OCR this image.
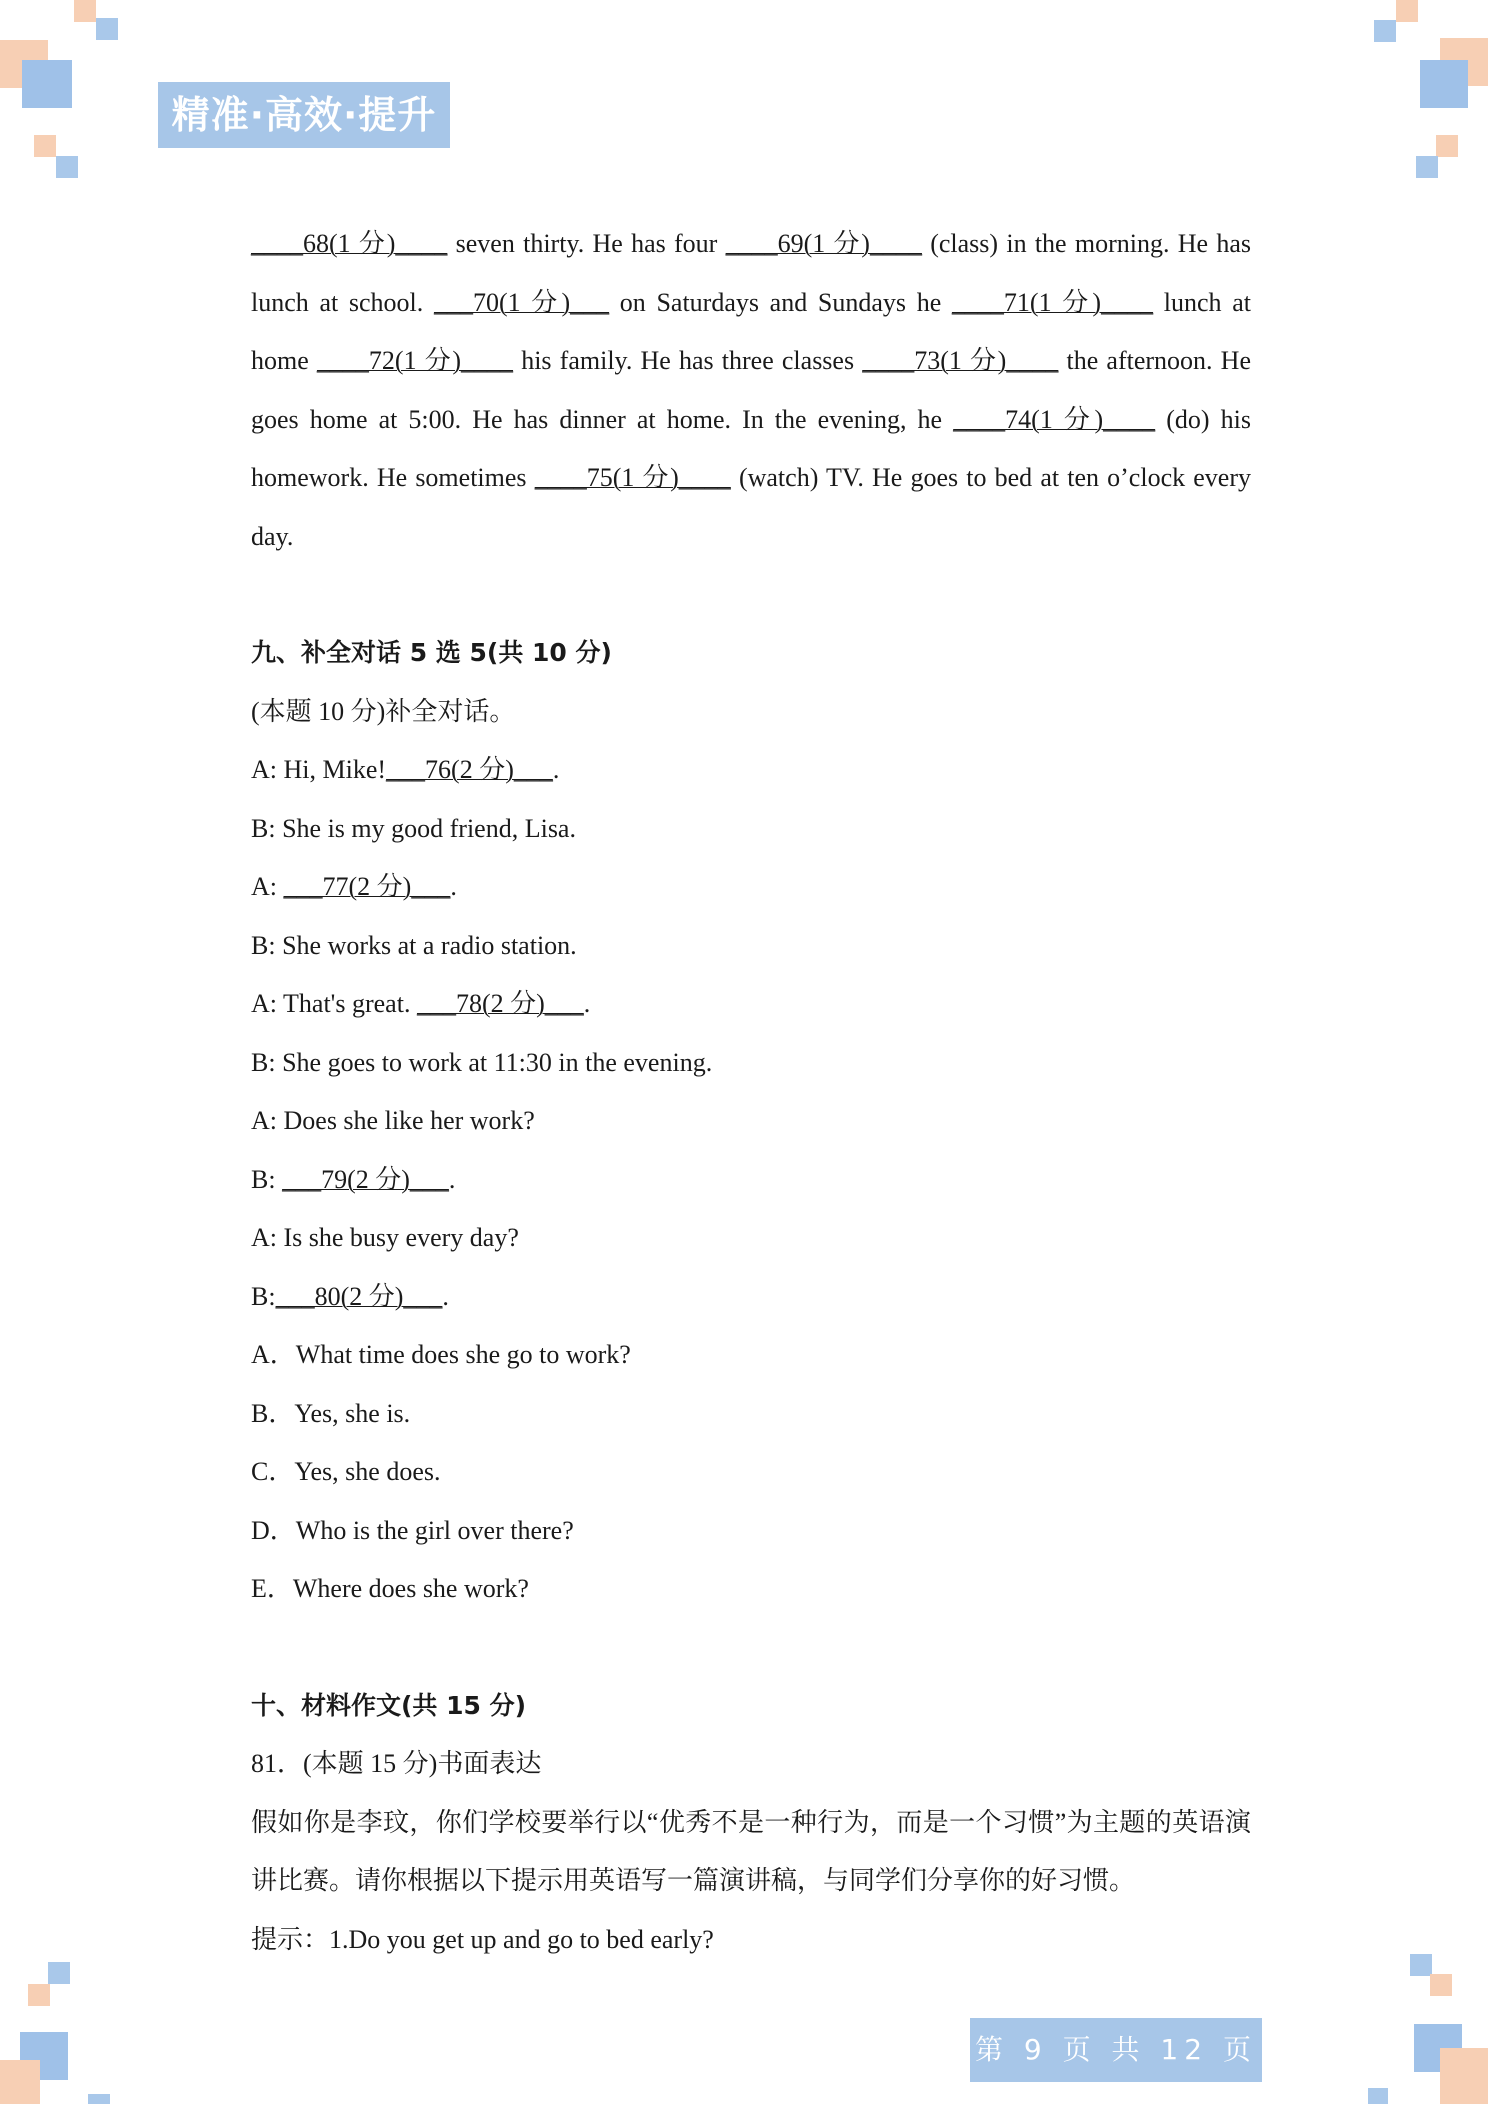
精准·高效·提升
____68(1 分)____ seven thirty. He has four ____69(1 分)____ (class) in the morning. He has
lunch at school. ___70(1 分)___ on Saturdays and Sundays he ____71(1 分)____ lunch at
home ____72(1 分)____ his family. He has three classes ____73(1 分)____ the afternoon. He
goes home at 5:00. He has dinner at home. In the evening, he ____74(1 分)____ (do) his
homework. He sometimes ____75(1 分)____ (watch) TV. He goes to bed at ten o’clock every
day.
九、补全对话 5 选 5(共 10 分)
(本题 10 分)补全对话。
A: Hi, Mike!___76(2 分)___.
B: She is my good friend, Lisa.
A: ___77(2 分)___.
B: She works at a radio station.
A: That's great. ___78(2 分)___.
B: She goes to work at 11:30 in the evening.
A: Does she like her work?
B: ___79(2 分)___.
A: Is she busy every day?
B:___80(2 分)___.
A．What time does she go to work?
B．Yes, she is.
C．Yes, she does.
D．Who is the girl over there?
E．Where does she work?
十、材料作文(共 15 分)
81．(本题 15 分)书面表达
假如你是李玟，你们学校要举行以“优秀不是一种行为，而是一个习惯”为主题的英语演
讲比赛。请你根据以下提示用英语写一篇演讲稿，与同学们分享你的好习惯。
提示：1.Do you get up and go to bed early?
第 9 页 共 12 页
